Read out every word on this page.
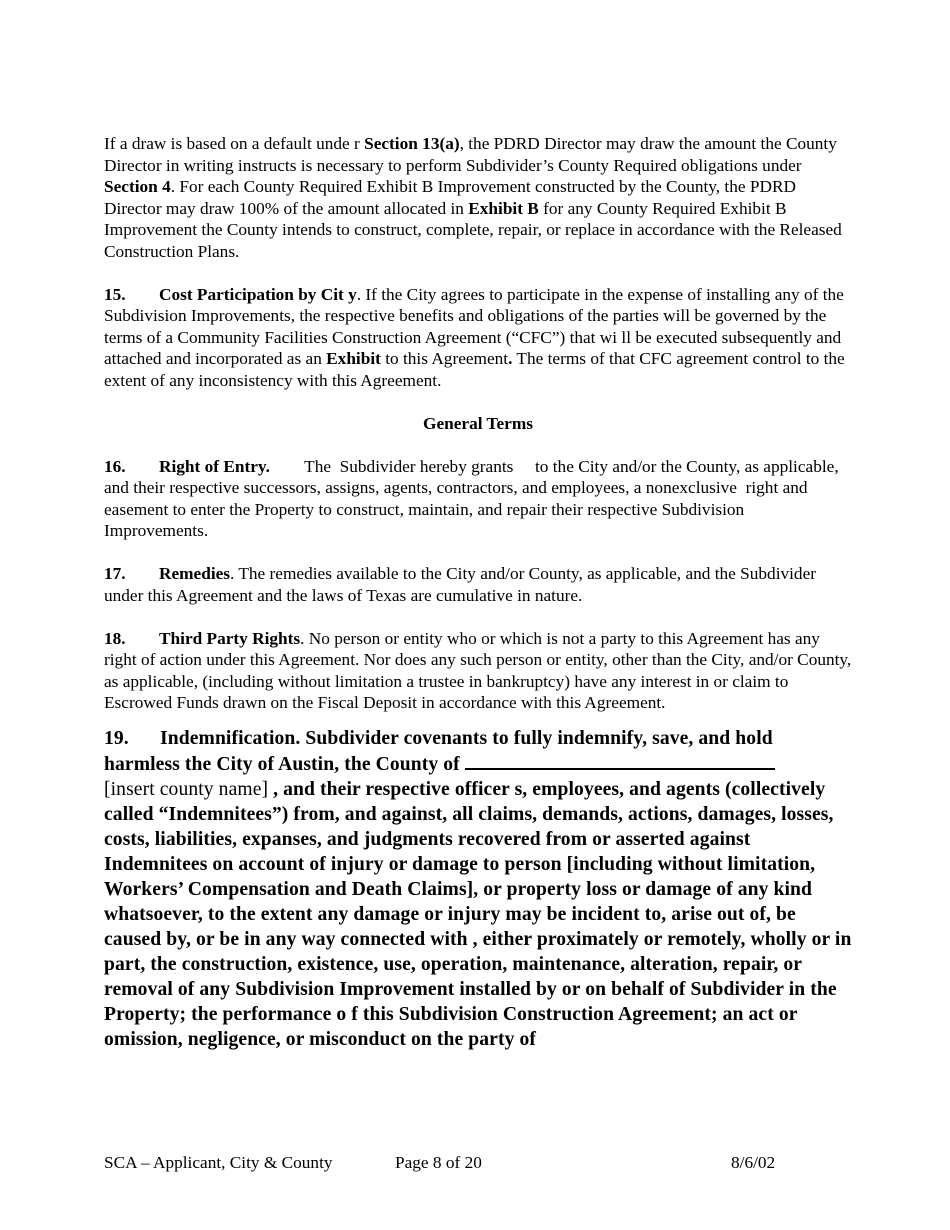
If a draw is based on a default unde r Section 13(a), the PDRD Director may draw the amount the County Director in writing instructs is necessary to perform Subdivider’s County Required obligations under Section 4. For each County Required Exhibit B Improvement constructed by the County, the PDRD Director may draw 100% of the amount allocated in Exhibit B for any County Required Exhibit B Improvement the County intends to construct, complete, repair, or replace in accordance with the Released Construction Plans.

15. Cost Participation by Cit y. If the City agrees to participate in the expense of installing any of the Subdivision Improvements, the respective benefits and obligations of the parties will be governed by the terms of a Community Facilities Construction Agreement (“CFC”) that wi ll be executed subsequently and attached and incorporated as an Exhibit to this Agreement. The terms of that CFC agreement control to the extent of any inconsistency with this Agreement.

General Terms

16. Right of Entry.        The  Subdivider hereby grants     to the City and/or the County, as applicable,   and their respective successors, assigns, agents, contractors, and employees, a nonexclusive  right and easement to enter the Property to construct, maintain, and repair their respective Subdivision Improvements.

17. Remedies. The remedies available to the City and/or County, as applicable, and the Subdivider under this Agreement and the laws of Texas are cumulative in nature.

18. Third Party Rights. No person or entity who or which is not a party to this Agreement has any right of action under this Agreement. Nor does any such person or entity, other than the City, and/or County, as applicable, (including without limitation a trustee in bankruptcy) have any interest in or claim to Escrowed Funds drawn on the Fiscal Deposit in accordance with this Agreement.

19. Indemnification. Subdivider covenants to fully indemnify, save, and hold harmless the City of Austin, the County of
[insert county name] , and their respective officer s, employees, and agents (collectively called “Indemnitees”) from, and against, all claims, demands, actions, damages, losses, costs, liabilities, expanses, and judgments recovered from or asserted against Indemnitees on account of injury or damage to person [including without limitation, Workers’ Compensation and Death Claims], or property loss or damage of any kind whatsoever, to the extent any damage or injury may be incident to, arise out of, be caused by, or be in any way connected with , either proximately or remotely, wholly or in part, the construction, existence, use, operation, maintenance, alteration, repair, or removal of any Subdivision Improvement installed by or on behalf of Subdivider in the Property; the performance o f this Subdivision Construction Agreement; an act or omission, negligence, or misconduct on the party of

SCA – Applicant, City & County	Page 8 of 20	8/6/02
